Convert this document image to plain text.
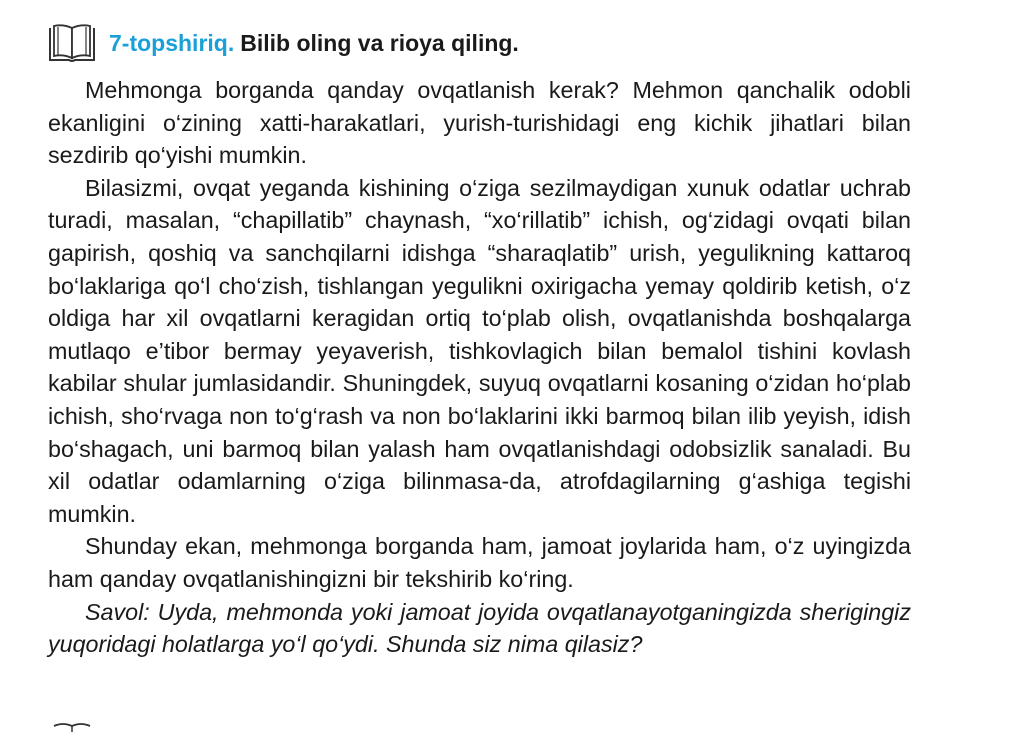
7-topshiriq. Bilib oling va rioya qiling.

Mehmonga borganda qanday ovqatlanish kerak? Mehmon qanchalik odobli ekanligini o‘zining xatti-harakatlari, yurish-turishidagi eng kichik jihatlari bilan sezdirib qo‘yishi mumkin.

Bilasizmi, ovqat yeganda kishining o‘ziga sezilmaydigan xunuk odatlar uchrab turadi, masalan, “chapillatib” chaynash, “xo‘rillatib” ichish, og‘zidagi ovqati bilan gapirish, qoshiq va sanchqilarni idishga “sharaqlatib” urish, yegulikning kattaroq bo‘laklariga qo‘l cho‘zish, tishlangan yegulikni oxirigacha yemay qoldirib ketish, o‘z oldiga har xil ovqatlarni keragidan ortiq to‘plab olish, ovqatlanishda boshqalarga mutlaqo e’tibor bermay yeyaverish, tishkovlagich bilan bemalol tishini kovlash kabilar shular jumlasidandir. Shuningdek, suyuq ovqatlarni kosaning o‘zidan ho‘plab ichish, sho‘rvaga non to‘g‘rash va non bo‘laklarini ikki barmoq bilan ilib yeyish, idish bo‘shagach, uni barmoq bilan yalash ham ovqatlanishdagi odobsizlik sanaladi. Bu xil odatlar odamlarning o‘ziga bilinmasa-da, atrofdagilarning g‘ashiga tegishi mumkin.

Shunday ekan, mehmonga borganda ham, jamoat joylarida ham, o‘z uyingizda ham qanday ovqatlanishingizni bir tekshirib ko‘ring.

Savol: Uyda, mehmonda yoki jamoat joyida ovqatlanayotganingizda sherigingiz yuqoridagi holatlarga yo‘l qo‘ydi. Shunda siz nima qilasiz?
